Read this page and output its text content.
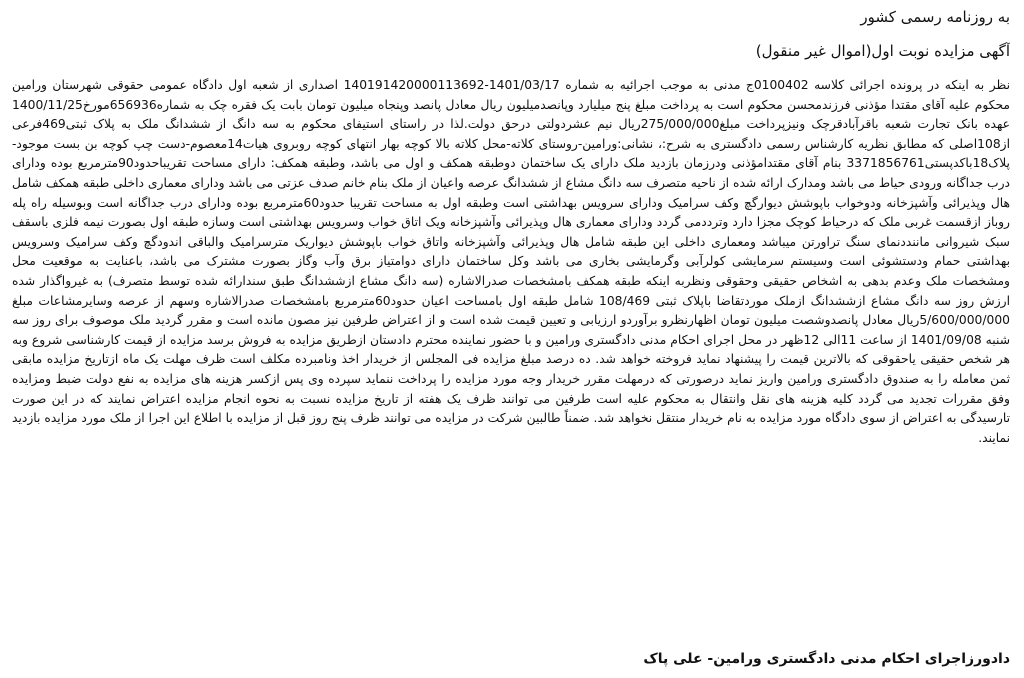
به روزنامه رسمی کشور
آگهی مزایده نوبت اول(اموال غیر منقول)
نظر به اینکه در پرونده اجرائی کلاسه 0100402ج مدنی به موجب اجرائیه به شماره 1401/03/17-140191420000113692 اصداری از شعبه اول دادگاه عمومی حقوقی شهرستان ورامین محکوم علیه آقای مقتدا مؤذنی فرزندمحسن محکوم است به پرداخت مبلغ پنج میلیارد وپانصدمیلیون ریال معادل پانصد وپنجاه میلیون تومان بابت یک فقره چک به شماره656936مورخ1400/11/25 عهده بانک تجارت شعبه باقرآبادقرچک ونیزپرداخت مبلغ275/000/000ریال نیم عشردولتی درحق دولت.لذا در راستای استیفای محکوم به سه دانگ از ششدانگ ملک به پلاک ثبتی469فرعی از108اصلی که مطابق نظریه کارشناس رسمی دادگستری به شرح:، نشانی:ورامین-روستای کلاته-محل کلاته بالا کوچه بهار انتهای کوچه روبروی هیات14معصوم-دست چپ کوچه بن بست موجود-پلاک18باکدپستی3371856761 بنام آقای مقتدامؤذنی ودرزمان بازدید ملک دارای یک ساختمان دوطبقه همکف و اول می باشد، وطبقه همکف: دارای مساحت تقریباحدود90مترمربع بوده ودارای درب جداگانه ورودی حیاط می باشد ومدارک ارائه شده از ناحیه متصرف سه دانگ مشاع از ششدانگ عرصه واعیان از ملک بنام خانم صدف عزتی می باشد ودارای معماری داخلی طبقه همکف شامل هال وپذیرائی وآشپزخانه ودوخواب باپوشش دیوارگچ وکف سرامیک ودارای سرویس بهداشتی است وطبقه اول به مساحت تقریبا حدود60مترمربع بوده ودارای درب جداگانه است وبوسیله راه پله روباز ازقسمت غربی ملک که درحیاط کوچک مجزا دارد وترددمی گردد ودارای معماری هال وپذیرائی وآشپزخانه ویک اتاق خواب وسرویس بهداشتی است وسازه طبقه اول بصورت نیمه فلزی باسقف سبک شیروانی ماننددنمای سنگ تراورتن میباشد ومعماری داخلی این طبقه شامل هال وپذیرائی وآشپزخانه واتاق خواب باپوشش دیواریک مترسرامیک والباقی اندودگچ وکف سرامیک وسرویس بهداشتی حمام ودستشوئی است وسیستم سرمایشی کولرآبی وگرمایشی بخاری می باشد وکل ساختمان دارای دوامتیاز برق وآب وگاز بصورت مشترک می باشد، باعنایت به موقعیت محل ومشخصات ملک وعدم بدهی به اشخاص حقیقی وحقوقی ونظربه اینکه طبقه همکف بامشخصات صدرالاشاره (سه دانگ مشاع ازششدانگ طبق سندارائه شده توسط متصرف) به غیرواگذار شده ارزش روز سه دانگ مشاع ازششدانگ ازملک موردتقاضا باپلاک ثبتی 108/469 شامل طبقه اول بامساحت اعیان حدود60مترمربع بامشخصات صدرالاشاره وسهم از عرصه وسایرمشاعات مبلغ 5/600/000/000ریال معادل پانصدوشصت میلیون تومان اظهارنظرو برآوردو ارزیابی و تعیین قیمت شده است و از اعتراض طرفین نیز مصون مانده است و مقرر گردید ملک موصوف برای روز سه شنبه 1401/09/08 از ساعت 11الی 12ظهر در محل اجرای احکام مدنی دادگستری ورامین و با حضور نماینده محترم دادستان ازطریق مزایده به فروش برسد مزایده از قیمت کارشناسی شروع وبه هر شخص حقیقی یاحقوقی که بالاترین قیمت را پیشنهاد نماید فروخته خواهد شد. ده درصد مبلغ مزایده فی المجلس از خریدار اخذ ونامبرده مکلف است ظرف مهلت یک ماه ازتاریخ مزایده مابقی ثمن معامله را به صندوق دادگستری ورامین واریز نماید درصورتی که درمهلت مقرر خریدار وجه مورد مزایده را پرداخت ننماید سپرده وی پس ازکسر هزینه های مزایده به نفع دولت ضبط ومزایده وفق مقررات تجدید می گردد کلیه هزینه های نقل وانتقال به محکوم علیه است طرفین می توانند ظرف یک هفته از تاریخ مزایده نسبت به نحوه انجام مزایده اعتراض نمایند که در این صورت تارسیدگی به اعتراض از سوی دادگاه مورد مزایده به نام خریدار منتقل نخواهد شد. ضمناً طالبین شرکت در مزایده می توانند ظرف پنج روز قبل از مزایده با اطلاع این اجرا از ملک مورد مزایده بازدید نمایند.
دادورزاجرای احکام مدنی دادگستری ورامین- علی پاک
